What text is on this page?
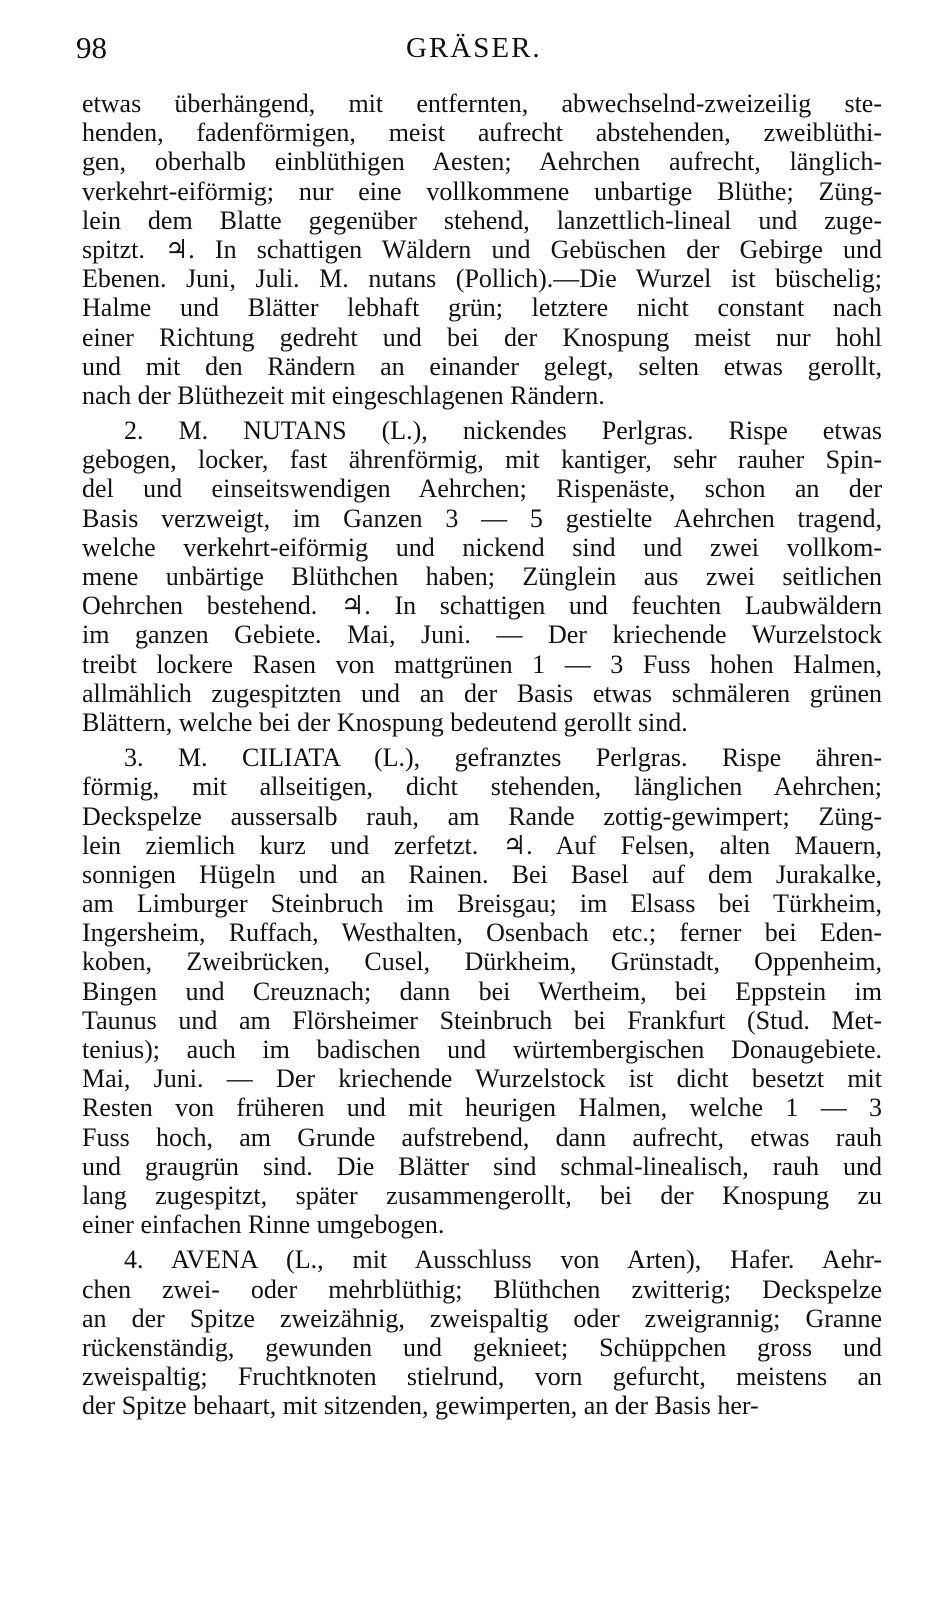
98	GRÄSER.
etwas überhängend, mit entfernten, abwechselnd-zweizeilig ste-
henden, fadenförmigen, meist aufrecht abstehenden, zweiblüthi-
gen, oberhalb einblüthigen Aesten; Aehrchen aufrecht, länglich-
verkehrt-eiförmig; nur eine vollkommene unbartige Blüthe; Züng-
lein dem Blatte gegenüber stehend, lanzettlich-lineal und zuge-
spitzt. ♃. In schattigen Wäldern und Gebüschen der Gebirge und
Ebenen. Juni, Juli. M. nutans (Pollich).—Die Wurzel ist büschelig;
Halme und Blätter lebhaft grün; letztere nicht constant nach
einer Richtung gedreht und bei der Knospung meist nur hohl
und mit den Rändern an einander gelegt, selten etwas gerollt,
nach der Blüthezeit mit eingeschlagenen Rändern.
2. M. NUTANS (L.), nickendes Perlgras. Rispe etwas
gebogen, locker, fast ährenförmig, mit kantiger, sehr rauher Spin-
del und einseitswendigen Aehrchen; Rispenäste, schon an der
Basis verzweigt, im Ganzen 3 — 5 gestielte Aehrchen tragend,
welche verkehrt-eiförmig und nickend sind und zwei vollkom-
mene unbärtige Blüthchen haben; Zünglein aus zwei seitlichen
Oehrchen bestehend. ♃. In schattigen und feuchten Laubwäldern
im ganzen Gebiete. Mai, Juni. — Der kriechende Wurzelstock
treibt lockere Rasen von mattgrünen 1 — 3 Fuss hohen Halmen,
allmählich zugespitzten und an der Basis etwas schmäleren grünen
Blättern, welche bei der Knospung bedeutend gerollt sind.
3. M. CILIATA (L.), gefranztes Perlgras. Rispe ähren-
förmig, mit allseitigen, dicht stehenden, länglichen Aehrchen;
Deckspelze aussersalb rauh, am Rande zottig-gewimpert; Züng-
lein ziemlich kurz und zerfetzt. ♃. Auf Felsen, alten Mauern,
sonnigen Hügeln und an Rainen. Bei Basel auf dem Jurakalke,
am Limburger Steinbruch im Breisgau; im Elsass bei Türkheim,
Ingersheim, Ruffach, Westhalten, Osenbach etc.; ferner bei Eden-
koben, Zweibrücken, Cusel, Dürkheim, Grünstadt, Oppenheim,
Bingen und Creuznach; dann bei Wertheim, bei Eppstein im
Taunus und am Flörsheimer Steinbruch bei Frankfurt (Stud. Met-
tenius); auch im badischen und würtembergischen Donaugebiete.
Mai, Juni. — Der kriechende Wurzelstock ist dicht besetzt mit
Resten von früheren und mit heurigen Halmen, welche 1 — 3
Fuss hoch, am Grunde aufstrebend, dann aufrecht, etwas rauh
und graugrün sind. Die Blätter sind schmal-linealisch, rauh und
lang zugespitzt, später zusammengerollt, bei der Knospung zu
einer einfachen Rinne umgebogen.
4. AVENA (L., mit Ausschluss von Arten), Hafer. Aehr-
chen zwei- oder mehrblüthig; Blüthchen zwitterig; Deckspelze
an der Spitze zweizähnig, zweispaltig oder zweigrannig; Granne
rückenständig, gewunden und geknieet; Schüppchen gross und
zweispaltig; Fruchtknoten stielrund, vorn gefurcht, meistens an
der Spitze behaart, mit sitzenden, gewimperten, an der Basis her-
